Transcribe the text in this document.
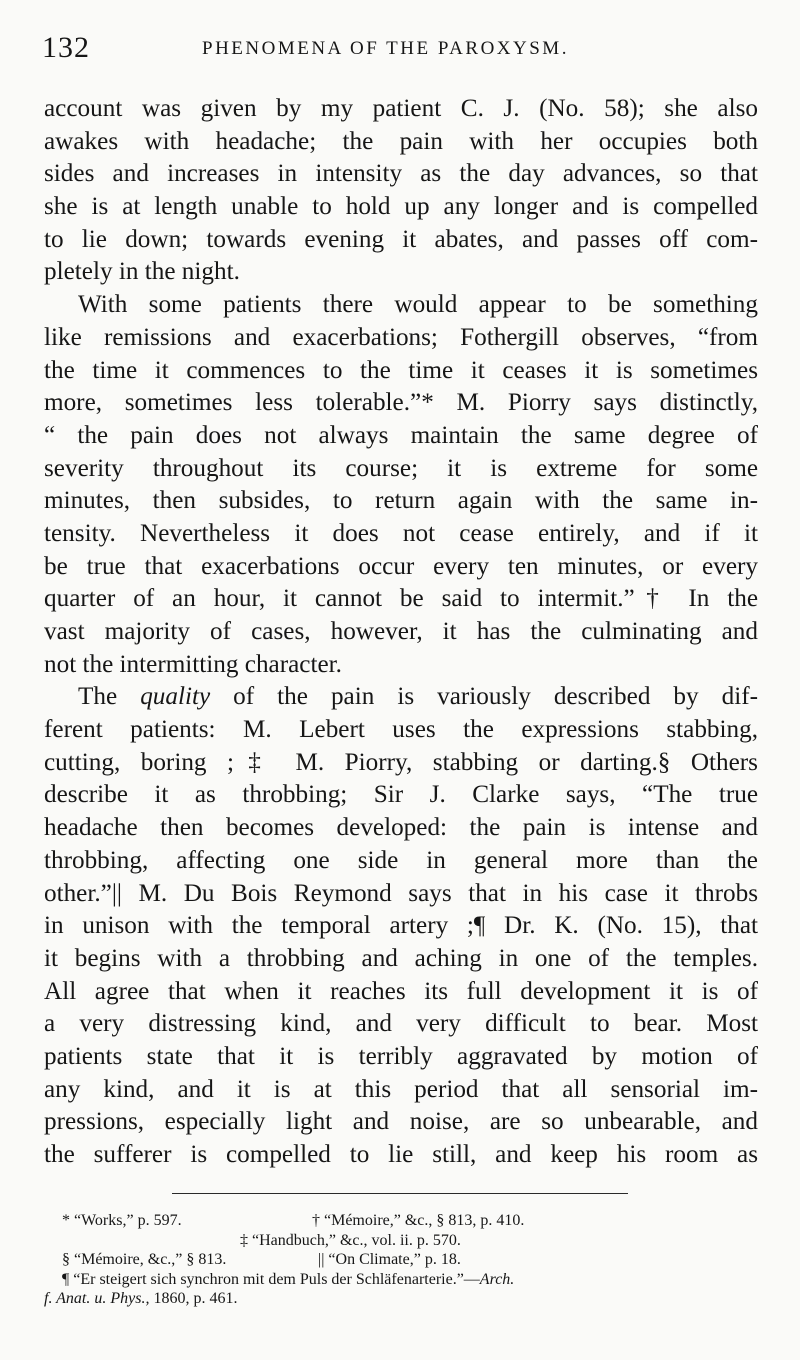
132	PHENOMENA OF THE PAROXYSM.
account was given by my patient C. J. (No. 58); she also
awakes with headache; the pain with her occupies both
sides and increases in intensity as the day advances, so that
she is at length unable to hold up any longer and is compelled
to lie down; towards evening it abates, and passes off com-
pletely in the night.
With some patients there would appear to be something
like remissions and exacerbations; Fothergill observes, “from
the time it commences to the time it ceases it is sometimes
more, sometimes less tolerable.”* M. Piorry says distinctly,
“ the pain does not always maintain the same degree of
severity throughout its course; it is extreme for some
minutes, then subsides, to return again with the same in-
tensity. Nevertheless it does not cease entirely, and if it
be true that exacerbations occur every ten minutes, or every
quarter of an hour, it cannot be said to intermit.”† In the
vast majority of cases, however, it has the culminating and
not the intermitting character.
The quality of the pain is variously described by dif-
ferent patients: M. Lebert uses the expressions stabbing,
cutting, boring ;‡ M. Piorry, stabbing or darting.§ Others
describe it as throbbing; Sir J. Clarke says, “The true
headache then becomes developed: the pain is intense and
throbbing, affecting one side in general more than the
other.”|| M. Du Bois Reymond says that in his case it throbs
in unison with the temporal artery ;¶ Dr. K. (No. 15), that
it begins with a throbbing and aching in one of the temples.
All agree that when it reaches its full development it is of
a very distressing kind, and very difficult to bear. Most
patients state that it is terribly aggravated by motion of
any kind, and it is at this period that all sensorial im-
pressions, especially light and noise, are so unbearable, and
the sufferer is compelled to lie still, and keep his room as
* “Works,” p. 597.	† “Mémoire,” &c., § 813, p. 410.
‡ “Handbuch,” &c., vol. ii. p. 570.
§ “Mémoire, &c.,” § 813.	|| “On Climate,” p. 18.
¶ “Er steigert sich synchron mit dem Puls der Schläfenarterie.”—Arch.
f. Anat. u. Phys., 1860, p. 461.
